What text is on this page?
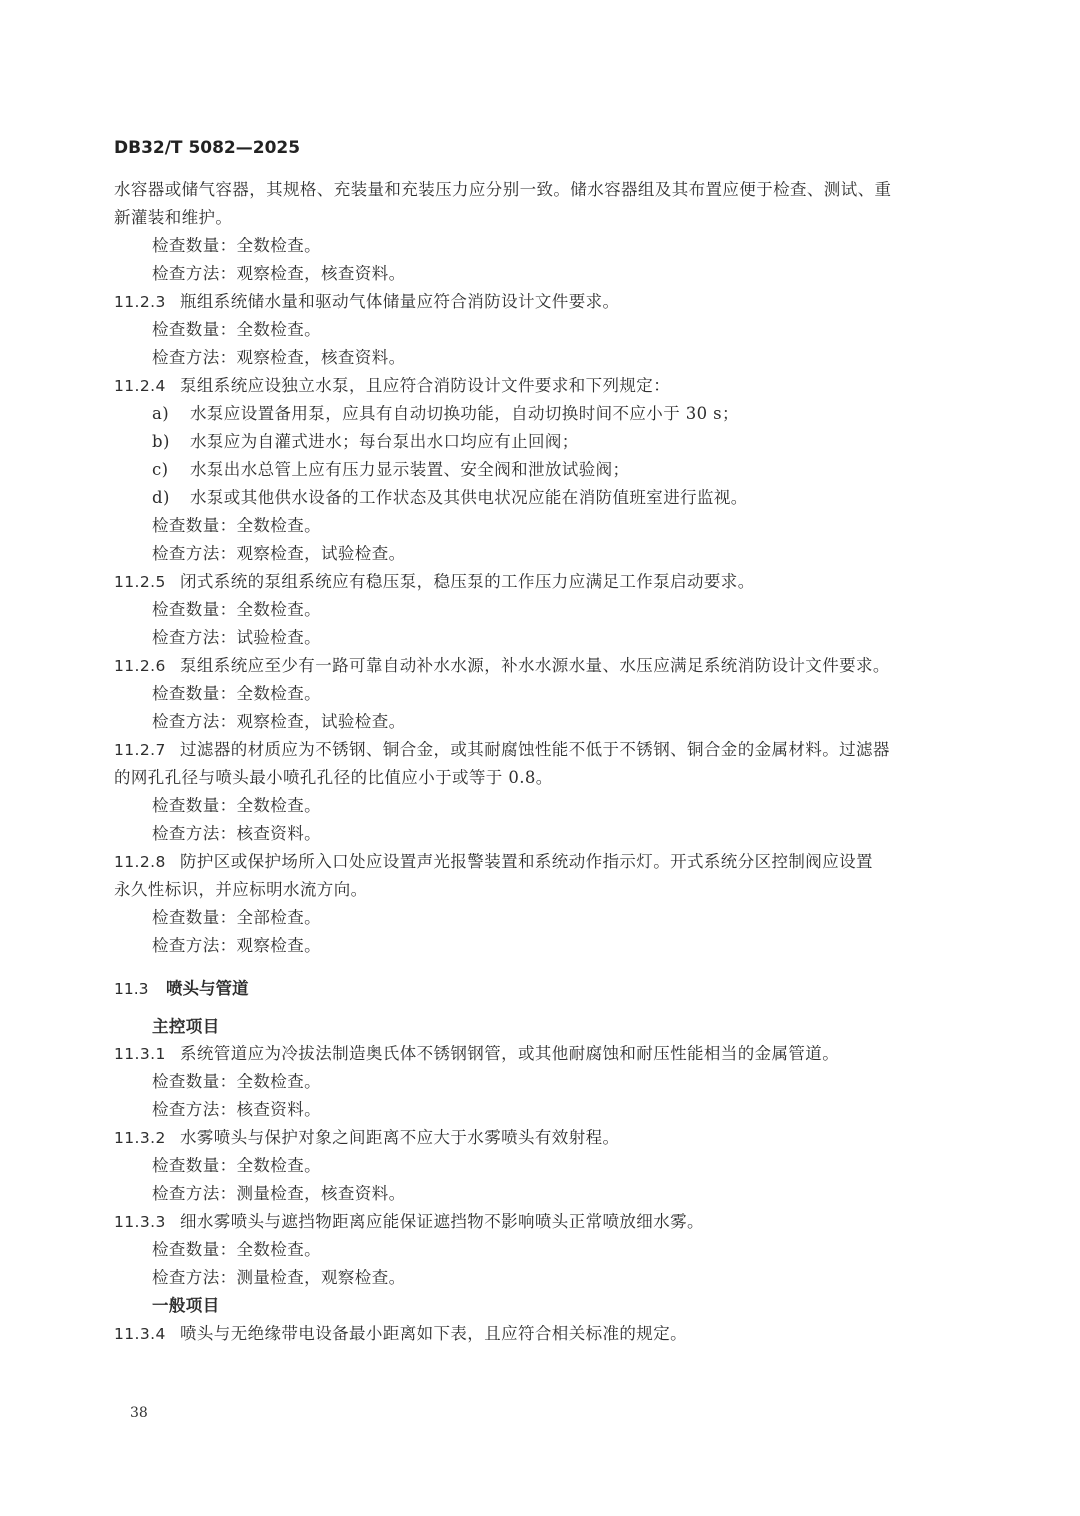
DB32/T 5082—2025
水容器或储气容器，其规格、充装量和充装压力应分别一致。储水容器组及其布置应便于检查、测试、重
新灌装和维护。
检查数量：全数检查。
检查方法：观察检查，核查资料。
11.2.3 瓶组系统储水量和驱动气体储量应符合消防设计文件要求。
检查数量：全数检查。
检查方法：观察检查，核查资料。
11.2.4 泵组系统应设独立水泵，且应符合消防设计文件要求和下列规定：
a) 水泵应设置备用泵，应具有自动切换功能，自动切换时间不应小于 30 s；
b) 水泵应为自灌式进水；每台泵出水口均应有止回阀；
c) 水泵出水总管上应有压力显示装置、安全阀和泄放试验阀；
d) 水泵或其他供水设备的工作状态及其供电状况应能在消防值班室进行监视。
检查数量：全数检查。
检查方法：观察检查，试验检查。
11.2.5 闭式系统的泵组系统应有稳压泵，稳压泵的工作压力应满足工作泵启动要求。
检查数量：全数检查。
检查方法：试验检查。
11.2.6 泵组系统应至少有一路可靠自动补水水源，补水水源水量、水压应满足系统消防设计文件要求。
检查数量：全数检查。
检查方法：观察检查，试验检查。
11.2.7 过滤器的材质应为不锈钢、铜合金，或其耐腐蚀性能不低于不锈钢、铜合金的金属材料。过滤器
的网孔孔径与喷头最小喷孔孔径的比值应小于或等于 0.8。
检查数量：全数检查。
检查方法：核查资料。
11.2.8 防护区或保护场所入口处应设置声光报警装置和系统动作指示灯。开式系统分区控制阀应设置
永久性标识，并应标明水流方向。
检查数量：全部检查。
检查方法：观察检查。
11.3 喷头与管道
主控项目
11.3.1 系统管道应为冷拔法制造奥氏体不锈钢钢管，或其他耐腐蚀和耐压性能相当的金属管道。
检查数量：全数检查。
检查方法：核查资料。
11.3.2 水雾喷头与保护对象之间距离不应大于水雾喷头有效射程。
检查数量：全数检查。
检查方法：测量检查，核查资料。
11.3.3 细水雾喷头与遮挡物距离应能保证遮挡物不影响喷头正常喷放细水雾。
检查数量：全数检查。
检查方法：测量检查，观察检查。
一般项目
11.3.4 喷头与无绝缘带电设备最小距离如下表，且应符合相关标准的规定。
38
